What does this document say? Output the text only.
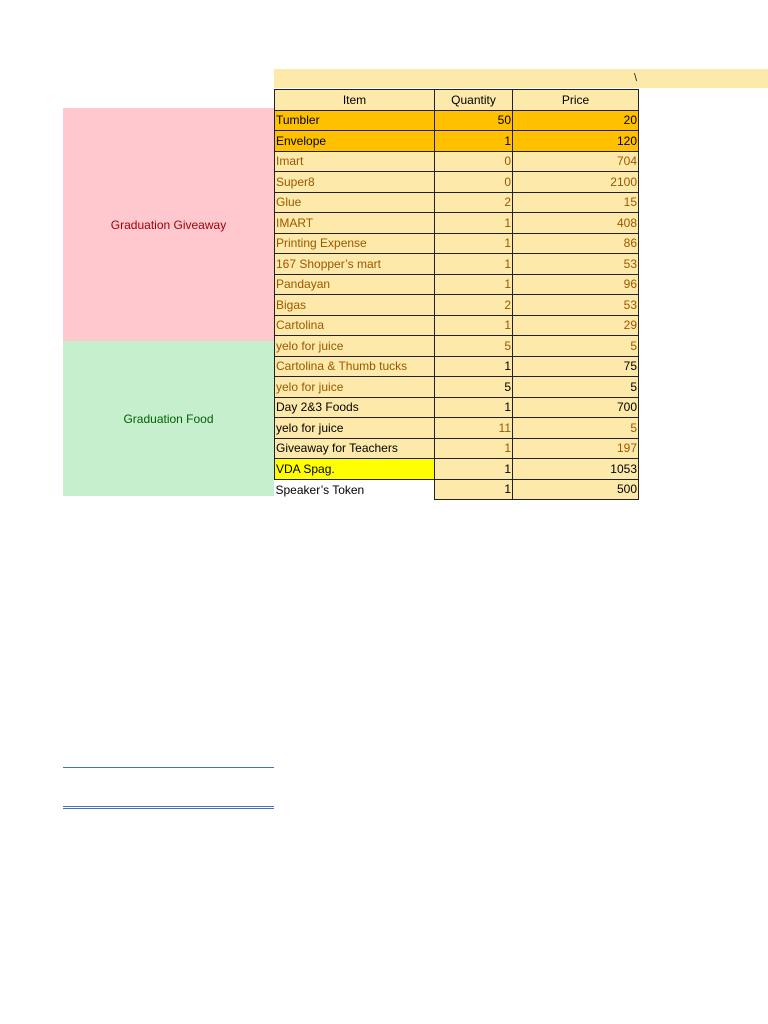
\
Graduation Giveaway
Graduation Food
Item	Quantity	Price
Tumbler	50	20
Envelope	1	120
Imart	0	704
Super8	0	2100
Glue	2	15
IMART	1	408
Printing Expense	1	86
167 Shopper’s mart	1	53
Pandayan	1	96
Bigas	2	53
Cartolina	1	29
yelo for juice	5	5
Cartolina & Thumb tucks	1	75
yelo for juice	5	5
Day 2&3 Foods	1	700
yelo for juice	11	5
Giveaway for Teachers	1	197
VDA Spag.	1	1053
Speaker’s Token	1	500
